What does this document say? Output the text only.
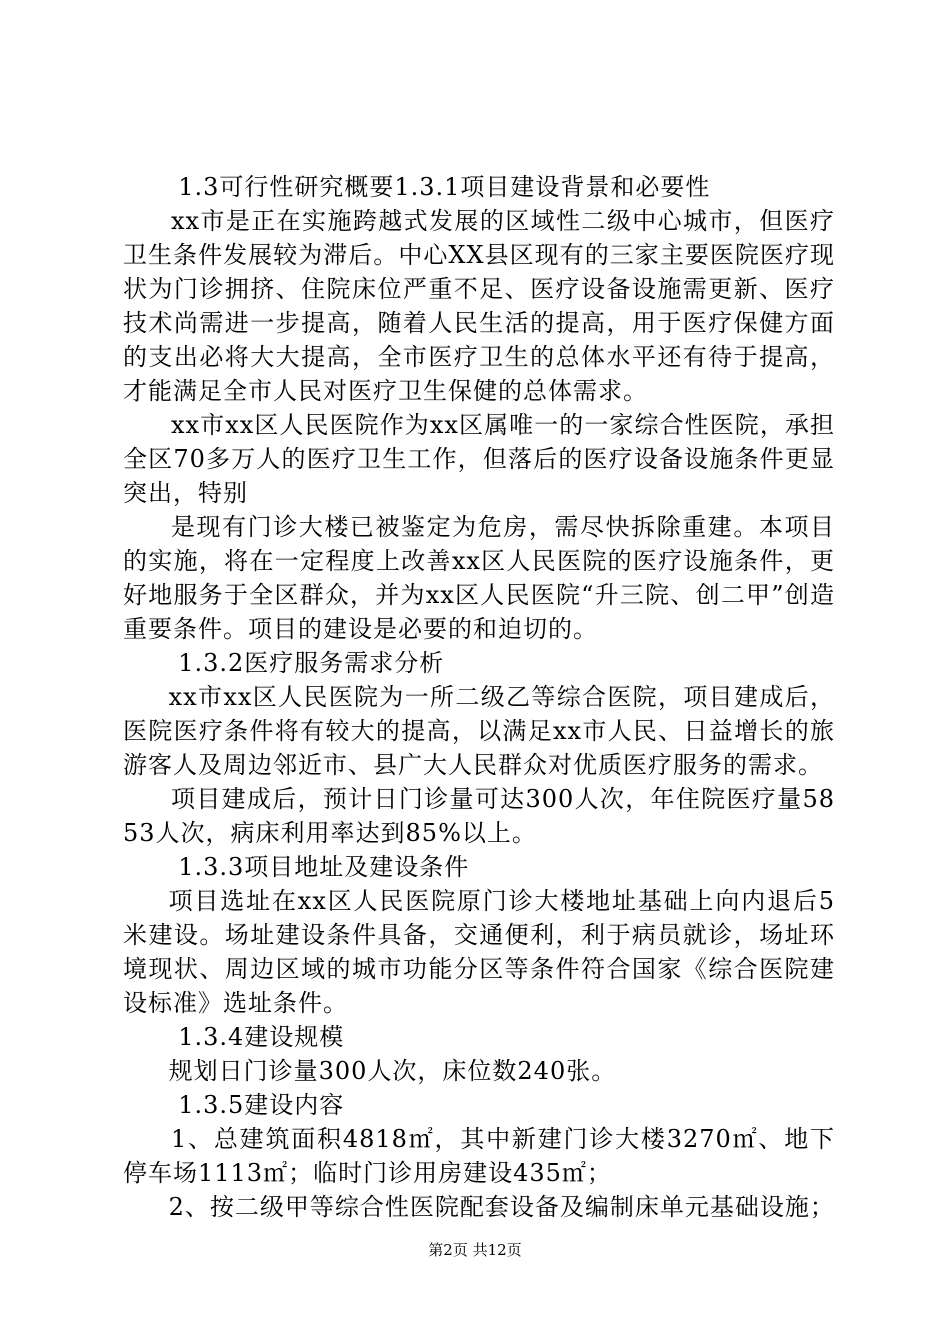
1.3可行性研究概要1.3.1项目建设背景和必要性

xx市是正在实施跨越式发展的区域性二级中心城市，但医疗卫生条件发展较为滞后。中心XX县区现有的三家主要医院医疗现状为门诊拥挤、住院床位严重不足、医疗设备设施需更新、医疗技术尚需进一步提高，随着人民生活的提高，用于医疗保健方面的支出必将大大提高，全市医疗卫生的总体水平还有待于提高，才能满足全市人民对医疗卫生保健的总体需求。

xx市xx区人民医院作为xx区属唯一的一家综合性医院，承担全区70多万人的医疗卫生工作，但落后的医疗设备设施条件更显突出，特别

是现有门诊大楼已被鉴定为危房，需尽快拆除重建。本项目的实施，将在一定程度上改善xx区人民医院的医疗设施条件，更好地服务于全区群众，并为xx区人民医院“升三院、创二甲”创造重要条件。项目的建设是必要的和迫切的。

1.3.2医疗服务需求分析

xx市xx区人民医院为一所二级乙等综合医院，项目建成后，医院医疗条件将有较大的提高，以满足xx市人民、日益增长的旅游客人及周边邻近市、县广大人民群众对优质医疗服务的需求。

项目建成后，预计日门诊量可达300人次，年住院医疗量5853人次，病床利用率达到85%以上。

1.3.3项目地址及建设条件

项目选址在xx区人民医院原门诊大楼地址基础上向内退后5米建设。场址建设条件具备，交通便利，利于病员就诊，场址环境现状、周边区域的城市功能分区等条件符合国家《综合医院建设标准》选址条件。

1.3.4建设规模

规划日门诊量300人次，床位数240张。

1.3.5建设内容

1、总建筑面积4818㎡，其中新建门诊大楼3270㎡、地下停车场1113㎡；临时门诊用房建设435㎡；

2、按二级甲等综合性医院配套设备及编制床单元基础设施；

第2页 共12页
